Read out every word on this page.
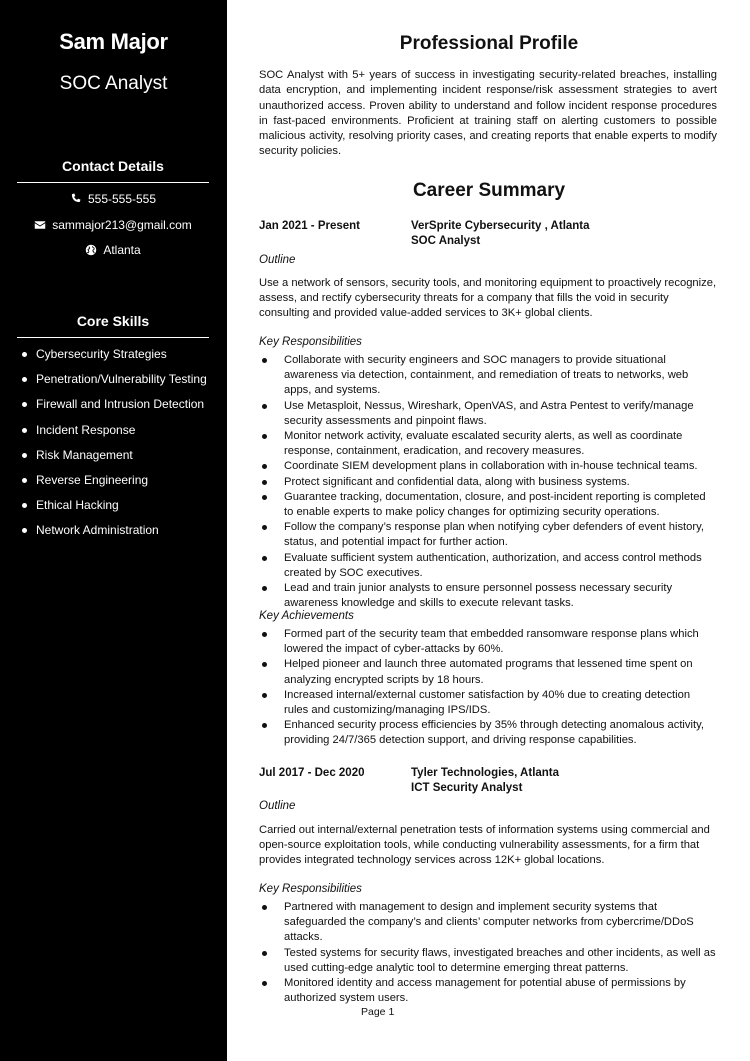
Sam Major
SOC Analyst
Contact Details
555-555-555
sammajor213@gmail.com
Atlanta
Core Skills
Cybersecurity Strategies
Penetration/Vulnerability Testing
Firewall and Intrusion Detection
Incident Response
Risk Management
Reverse Engineering
Ethical Hacking
Network Administration
Professional Profile

SOC Analyst with 5+ years of success in investigating security-related breaches, installing data encryption, and implementing incident response/risk assessment strategies to avert unauthorized access. Proven ability to understand and follow incident response procedures in fast-paced environments. Proficient at training staff on alerting customers to possible malicious activity, resolving priority cases, and creating reports that enable experts to modify security policies.

Career Summary
Jan 2021 - Present	VerSprite Cybersecurity , Atlanta
SOC Analyst
Outline

Use a network of sensors, security tools, and monitoring equipment to proactively recognize, assess, and rectify cybersecurity threats for a company that fills the void in security consulting and provided value-added services to 3K+ global clients.

Key Responsibilities
Collaborate with security engineers and SOC managers to provide situational awareness via detection, containment, and remediation of treats to networks, web apps, and systems.
Use Metasploit, Nessus, Wireshark, OpenVAS, and Astra Pentest to verify/manage security assessments and pinpoint flaws.
Monitor network activity, evaluate escalated security alerts, as well as coordinate response, containment, eradication, and recovery measures.
Coordinate SIEM development plans in collaboration with in-house technical teams.
Protect significant and confidential data, along with business systems.
Guarantee tracking, documentation, closure, and post-incident reporting is completed to enable experts to make policy changes for optimizing security operations.
Follow the company’s response plan when notifying cyber defenders of event history, status, and potential impact for further action.
Evaluate sufficient system authentication, authorization, and access control methods created by SOC executives.
Lead and train junior analysts to ensure personnel possess necessary security awareness knowledge and skills to execute relevant tasks.
Key Achievements
Formed part of the security team that embedded ransomware response plans which lowered the impact of cyber-attacks by 60%.
Helped pioneer and launch three automated programs that lessened time spent on analyzing encrypted scripts by 18 hours.
Increased internal/external customer satisfaction by 40% due to creating detection rules and customizing/managing IPS/IDS.
Enhanced security process efficiencies by 35% through detecting anomalous activity, providing 24/7/365 detection support, and driving response capabilities.
Jul 2017 - Dec 2020	Tyler Technologies, Atlanta
ICT Security Analyst
Outline

Carried out internal/external penetration tests of information systems using commercial and open-source exploitation tools, while conducting vulnerability assessments, for a firm that provides integrated technology services across 12K+ global locations.

Key Responsibilities
Partnered with management to design and implement security systems that safeguarded the company’s and clients’ computer networks from cybercrime/DDoS attacks.
Tested systems for security flaws, investigated breaches and other incidents, as well as used cutting-edge analytic tool to determine emerging threat patterns.
Monitored identity and access management for potential abuse of permissions by authorized system users.
Page 1
